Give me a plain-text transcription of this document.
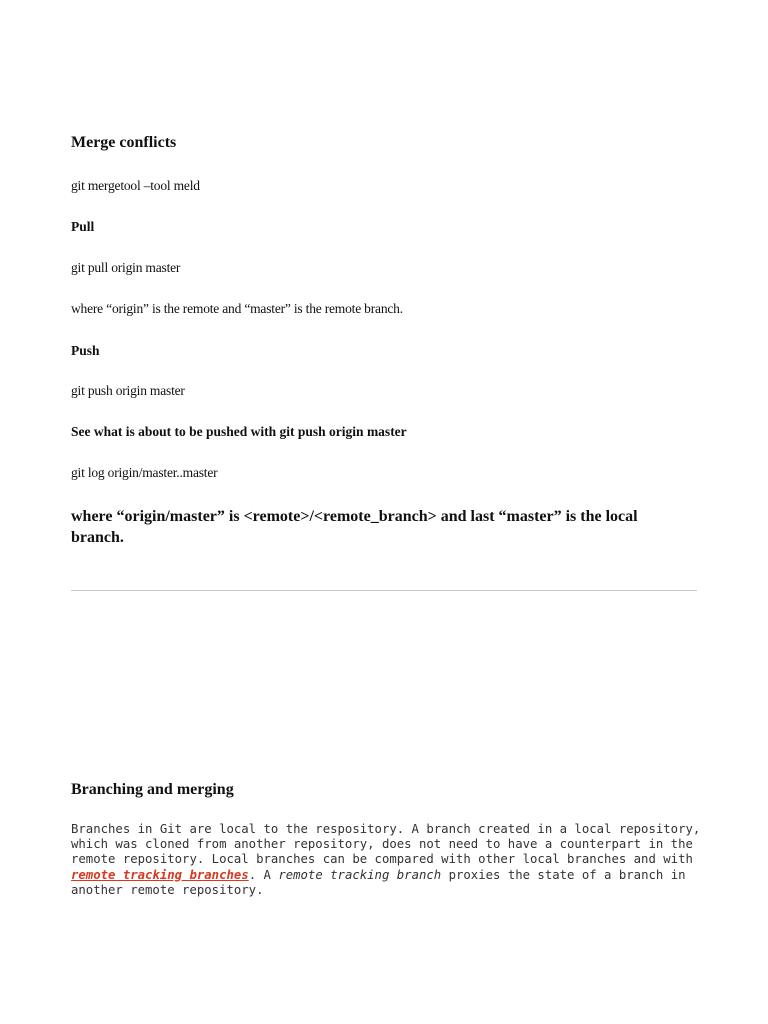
Merge conflicts

git mergetool –tool meld

Pull

git pull origin master

where “origin” is the remote and “master” is the remote branch.

Push

git push origin master

See what is about to be pushed with git push origin master

git log origin/master..master

where “origin/master” is <remote>/<remote_branch> and last “master” is the local branch.

Branching and merging

Branches in Git are local to the respository. A branch created in a local repository, which was cloned from another repository, does not need to have a counterpart in the remote repository. Local branches can be compared with other local branches and with remote tracking branches. A remote tracking branch proxies the state of a branch in another remote repository.
